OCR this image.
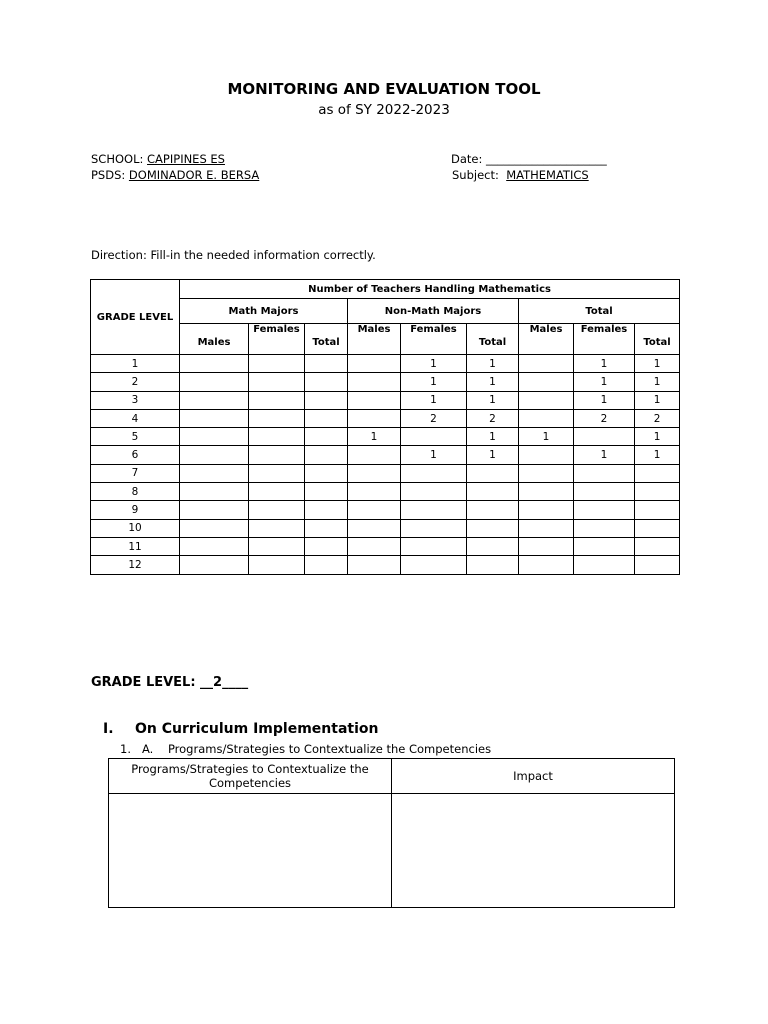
MONITORING AND EVALUATION TOOL
as of SY 2022-2023
SCHOOL: CAPIPINES ES
PSDS: DOMINADOR E. BERSA
Date: _____________________
Subject: MATHEMATICS
Direction: Fill-in the needed information correctly.
GRADE LEVEL	Number of Teachers Handling Mathematics								
	Math Majors			Non-Math Majors			Total		
	Males	Females	Total	Males	Females	Total	Males	Females	Total
1					1	1		1	1
2					1	1		1	1
3					1	1		1	1
4					2	2		2	2
5				1		1	1		1
6					1	1		1	1
7									
8									
9									
10									
11									
12									
GRADE LEVEL: __2____
I. On Curriculum Implementation
1. A.    Programs/Strategies to Contextualize the Competencies
Programs/Strategies to Contextualize the Competencies	Impact
